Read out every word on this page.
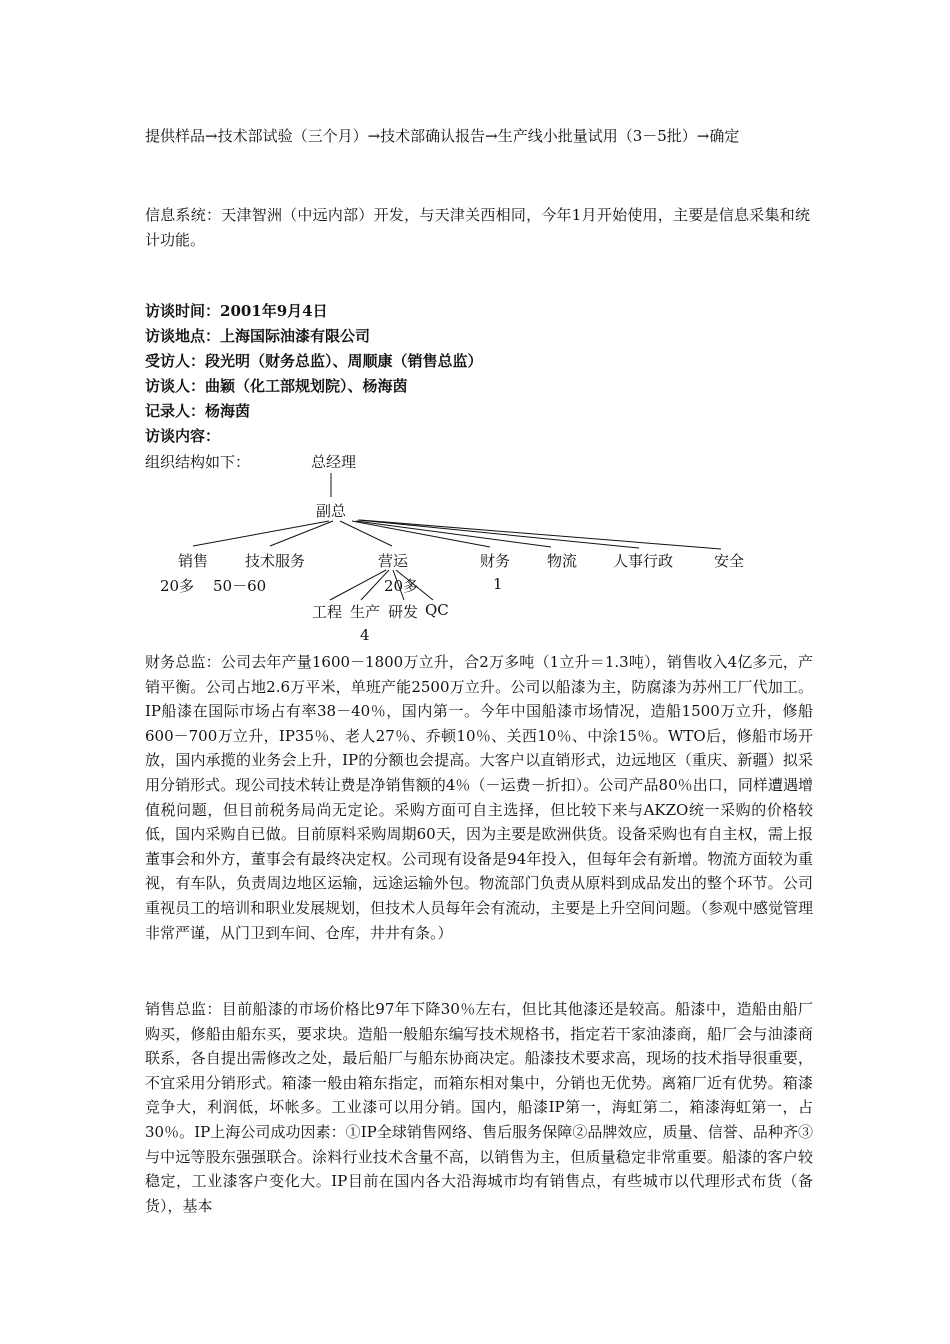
提供样品→技术部试验（三个月）→技术部确认报告→生产线小批量试用（3－5批）→确定

信息系统：天津智洲（中远内部）开发，与天津关西相同，今年1月开始使用，主要是信息采集和统计功能。

访谈时间：2001年9月4日
访谈地点：上海国际油漆有限公司
受访人：段光明（财务总监）、周顺康（销售总监）
访谈人：曲颖（化工部规划院）、杨海茵
记录人：杨海茵
访谈内容：
组织结构如下：	总经理
副总
销售 技术服务	营运	财务 物流 人事行政	安全
20多 50－60	20多	1
工程 生产 研发 QC
4

财务总监：公司去年产量1600－1800万立升，合2万多吨（1立升＝1.3吨），销售收入4亿多元，产销平衡。公司占地2.6万平米，单班产能2500万立升。公司以船漆为主，防腐漆为苏州工厂代加工。IP船漆在国际市场占有率38－40％，国内第一。今年中国船漆市场情况，造船1500万立升，修船600－700万立升，IP35％、老人27％、乔顿10％、关西10％、中涂15％。WTO后，修船市场开放，国内承揽的业务会上升，IP的分额也会提高。大客户以直销形式，边远地区（重庆、新疆）拟采用分销形式。现公司技术转让费是净销售额的4％（－运费－折扣）。公司产品80％出口，同样遭遇增值税问题，但目前税务局尚无定论。采购方面可自主选择，但比较下来与AKZO统一采购的价格较低，国内采购自已做。目前原料采购周期60天，因为主要是欧洲供货。设备采购也有自主权，需上报董事会和外方，董事会有最终决定权。公司现有设备是94年投入，但每年会有新增。物流方面较为重视，有车队，负责周边地区运输，远途运输外包。物流部门负责从原料到成品发出的整个环节。公司重视员工的培训和职业发展规划，但技术人员每年会有流动，主要是上升空间问题。（参观中感觉管理非常严谨，从门卫到车间、仓库，井井有条。）

销售总监：目前船漆的市场价格比97年下降30％左右，但比其他漆还是较高。船漆中，造船由船厂购买，修船由船东买，要求块。造船一般船东编写技术规格书，指定若干家油漆商，船厂会与油漆商联系，各自提出需修改之处，最后船厂与船东协商决定。船漆技术要求高，现场的技术指导很重要，不宜采用分销形式。箱漆一般由箱东指定，而箱东相对集中，分销也无优势。离箱厂近有优势。箱漆竞争大，利润低，坏帐多。工业漆可以用分销。国内，船漆IP第一，海虹第二，箱漆海虹第一，占30％。IP上海公司成功因素：①IP全球销售网络、售后服务保障②品牌效应，质量、信誉、品种齐③与中远等股东强强联合。涂料行业技术含量不高，以销售为主，但质量稳定非常重要。船漆的客户较稳定，工业漆客户变化大。IP目前在国内各大沿海城市均有销售点，有些城市以代理形式布货（备货），基本
